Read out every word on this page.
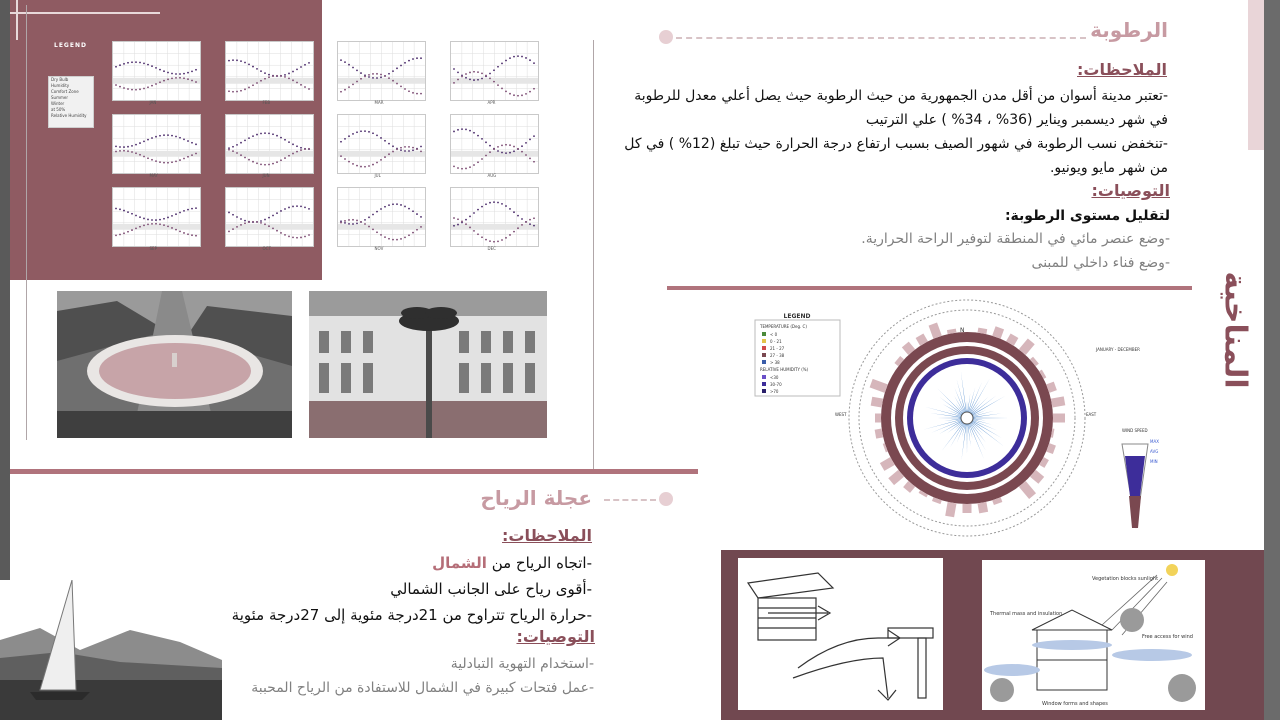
LEGEND
Dry Bulb
Humidity
Comfort Zone
Summer
Winter
at 50%
Relative Humidity
JAN	FEB	MAR	APR
MAY	JUN	JUL	AUG
SEP	OCT	NOV	DEC
الرطوبة
الملاحظات:
-تعتبر مدينة أسوان من أقل مدن الجمهورية من حيث الرطوبة حيث يصل أعلي معدل للرطوبة في شهر ديسمبر ويناير (36% ، 34% ) علي الترتيب
-تنخفض نسب الرطوبة في شهور الصيف بسبب ارتفاع درجة الحرارة حيث تبلغ (12% ) في كل من شهر مايو ويونيو.
التوصيات:
لتقليل مستوى الرطوبة:
-وضع عنصر مائي في المنطقة لتوفير الراحة الحرارية.
-وضع فناء داخلي للمبنى
المناخية
LEGEND
TEMPERATURE (Deg. C)
< 0
0 - 21
21 - 27
27 - 38
> 38
RELATIVE HUMIDITY (%)
<30
30-70
>70
N
WEST	EAST
JANUARY - DECEMBER
WIND SPEED
MAX
AVG
MIN
عجلة الرياح
الملاحظات:
-اتجاه الرياح من الشمال
-أقوى رياح على الجانب الشمالي
-حرارة الرياح تتراوح من 21درجة مئوية إلى 27درجة مئوية
التوصيات:
-استخدام التهوية التبادلية
-عمل فتحات كبيرة في الشمال للاستفادة من الرياح المحببة
Vegetation blocks sunlight
Thermal mass and insulation
Free access for wind
Window forms and shapes
